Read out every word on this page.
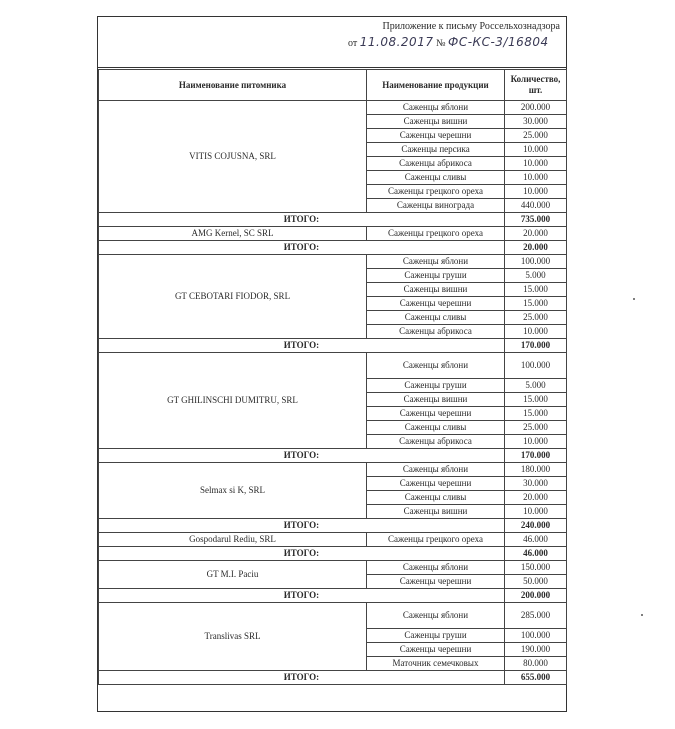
Приложение к письму Россельхознадзора
от 11.08.2017 № ФС-КС-3/16804
Наименование питомника	Наименование продукции	Количество, шт.
VITIS COJUSNA, SRL	Саженцы яблони	200.000
	Саженцы вишни	30.000
	Саженцы черешни	25.000
	Саженцы персика	10.000
	Саженцы абрикоса	10.000
	Саженцы сливы	10.000
	Саженцы грецкого ореха	10.000
	Саженцы винограда	440.000
ИТОГО:		735.000
AMG Kernel, SC SRL	Саженцы грецкого ореха	20.000
ИТОГО:		20.000
GT CEBOTARI FIODOR, SRL	Саженцы яблони	100.000
	Саженцы груши	5.000
	Саженцы вишни	15.000
	Саженцы черешни	15.000
	Саженцы сливы	25.000
	Саженцы абрикоса	10.000
ИТОГО:		170.000
GT GHILINSCHI DUMITRU, SRL	Саженцы яблони	100.000
	Саженцы груши	5.000
	Саженцы вишни	15.000
	Саженцы черешни	15.000
	Саженцы сливы	25.000
	Саженцы абрикоса	10.000
ИТОГО:		170.000
Selmax si K, SRL	Саженцы яблони	180.000
	Саженцы черешни	30.000
	Саженцы сливы	20.000
	Саженцы вишни	10.000
ИТОГО:		240.000
Gospodarul Rediu, SRL	Саженцы грецкого ореха	46.000
ИТОГО:		46.000
GT M.I. Paciu	Саженцы яблони	150.000
	Саженцы черешни	50.000
ИТОГО:		200.000
Translivas SRL	Саженцы яблони	285.000
	Саженцы груши	100.000
	Саженцы черешни	190.000
	Маточник семечковых	80.000
ИТОГО:		655.000
